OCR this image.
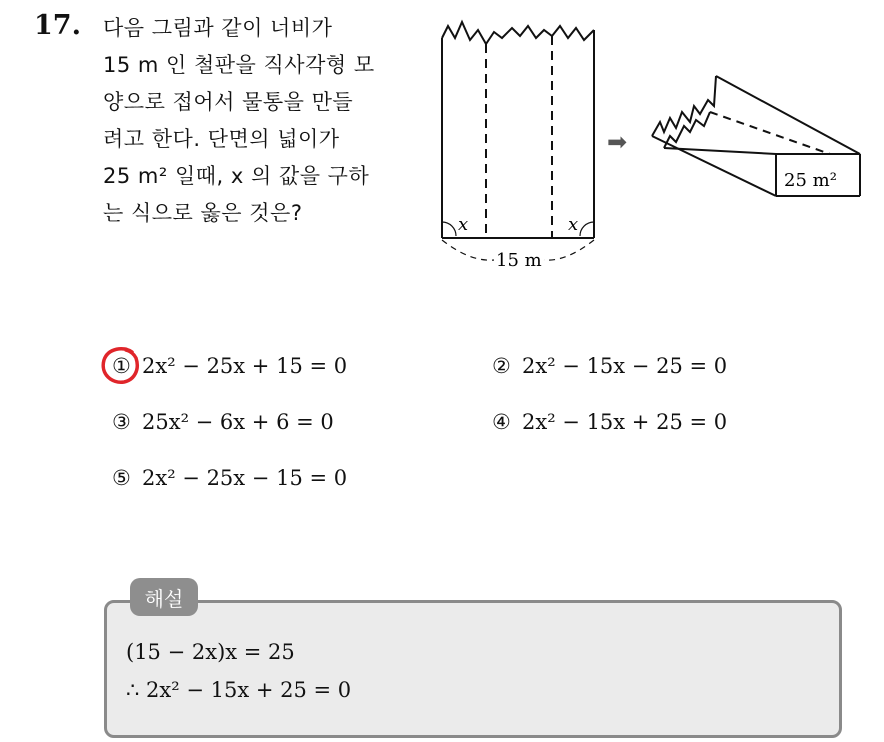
17. 다음 그림과 같이 너비가
15 m 인 철판을 직사각형 모
양으로 접어서 물통을 만들
려고 한다. 단면의 넓이가
25 m² 일때, x 의 값을 구하
는 식으로 옳은 것은?	x	x
15 m
➡
25 m²
① 2x² − 25x + 15 = 0	② 2x² − 15x − 25 = 0
③ 25x² − 6x + 6 = 0	④ 2x² − 15x + 25 = 0
⑤ 2x² − 25x − 15 = 0
해설
(15 − 2x)x = 25
∴ 2x² − 15x + 25 = 0
